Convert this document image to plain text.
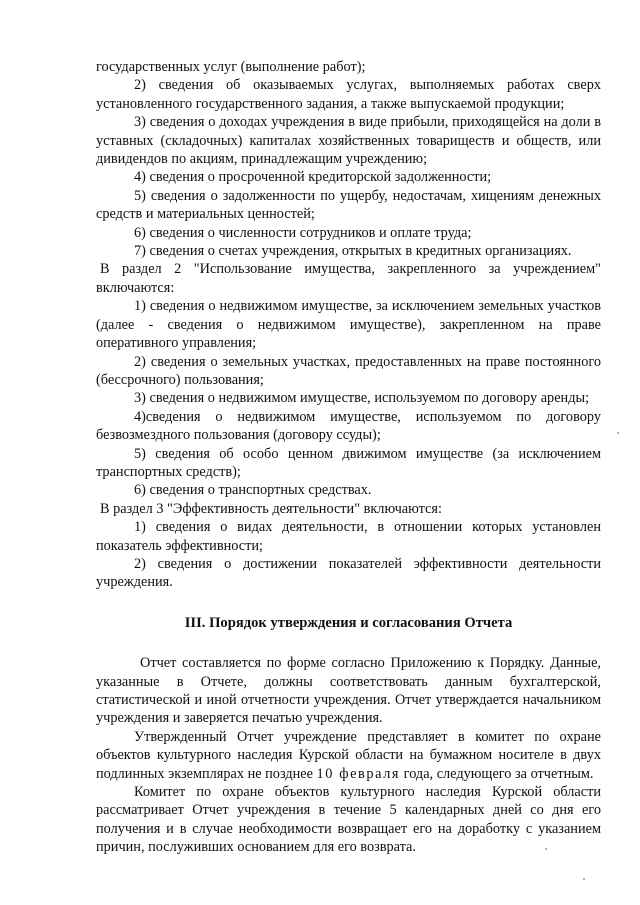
государственных услуг (выполнение работ);

2) сведения об оказываемых услугах, выполняемых работах сверх установленного государственного задания, а также выпускаемой продукции;

3) сведения о доходах учреждения в виде прибыли, приходящейся на доли в уставных (складочных) капиталах хозяйственных товариществ и обществ, или дивидендов по акциям, принадлежащим учреждению;

4) сведения о просроченной кредиторской задолженности;

5) сведения о задолженности по ущербу, недостачам, хищениям денежных средств и материальных ценностей;

6) сведения о численности сотрудников и оплате труда;

7) сведения о счетах учреждения, открытых в кредитных организациях.

В раздел 2 "Использование имущества, закрепленного за учреждением" включаются:

1) сведения о недвижимом имуществе, за исключением земельных участков (далее - сведения о недвижимом имуществе), закрепленном на праве оперативного управления;

2) сведения о земельных участках, предоставленных на праве постоянного (бессрочного) пользования;

3) сведения о недвижимом имуществе, используемом по договору аренды;

4)сведения о недвижимом имуществе, используемом по договору безвозмездного пользования (договору ссуды);

5) сведения об особо ценном движимом имуществе (за исключением транспортных средств);

6) сведения о транспортных средствах.

В раздел 3 "Эффективность деятельности" включаются:

1) сведения о видах деятельности, в отношении которых установлен показатель эффективности;

2) сведения о достижении показателей эффективности деятельности учреждения.

III. Порядок утверждения и согласования Отчета

Отчет составляется по форме согласно Приложению к Порядку. Данные, указанные в Отчете, должны соответствовать данным бухгалтерской, статистической и иной отчетности учреждения. Отчет утверждается начальником учреждения и заверяется печатью учреждения.

Утвержденный Отчет учреждение представляет в комитет по охране объектов культурного наследия Курской области на бумажном носителе в двух подлинных экземплярах не позднее 10 февраля года, следующего за отчетным.

Комитет по охране объектов культурного наследия Курской области рассматривает Отчет учреждения в течение 5 календарных дней со дня его получения и в случае необходимости возвращает его на доработку с указанием причин, послуживших основанием для его возврата.
